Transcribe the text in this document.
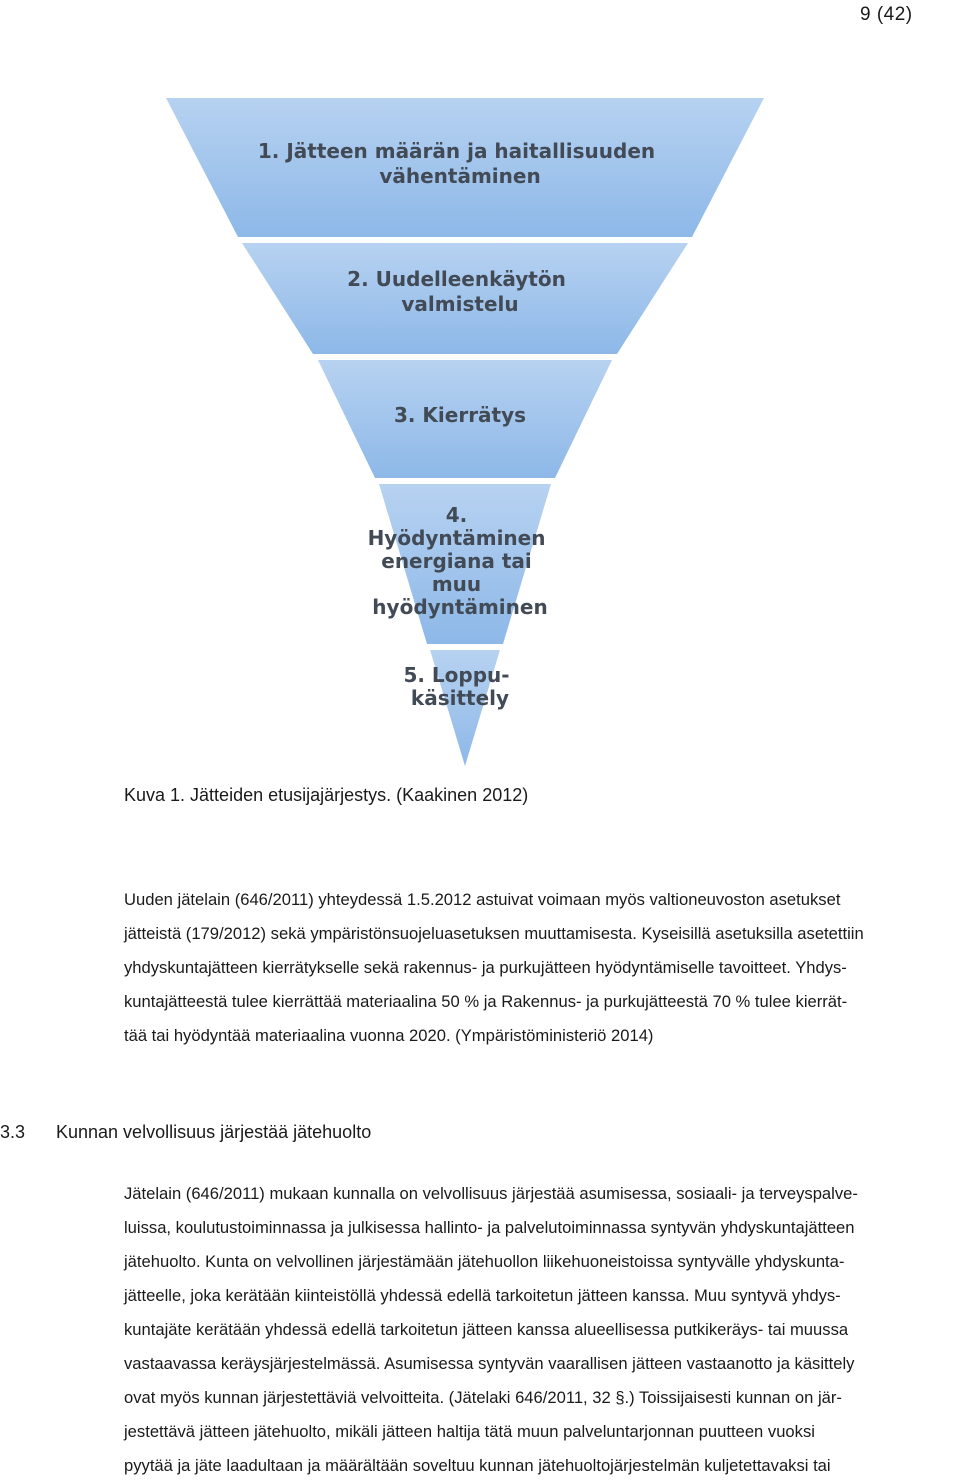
9 (42)
1. Jätteen määrän ja haitallisuuden vähentäminen
2. Uudelleenkäytön valmistelu
3. Kierrätys
4. Hyödyntäminen energiana tai muu hyödyntäminen
5. Loppu- käsittely
Kuva 1. Jätteiden etusijajärjestys. (Kaakinen 2012)
Uuden jätelain (646/2011) yhteydessä 1.5.2012 astuivat voimaan myös valtioneuvoston asetukset
jätteistä (179/2012) sekä ympäristönsuojeluasetuksen muuttamisesta. Kyseisillä asetuksilla asetettiin
yhdyskuntajätteen kierrätykselle sekä rakennus- ja purkujätteen hyödyntämiselle tavoitteet. Yhdys-
kuntajätteestä tulee kierrättää materiaalina 50 % ja Rakennus- ja purkujätteestä 70 % tulee kierrät-
tää tai hyödyntää materiaalina vuonna 2020. (Ympäristöministeriö 2014)
3.3 Kunnan velvollisuus järjestää jätehuolto
Jätelain (646/2011) mukaan kunnalla on velvollisuus järjestää asumisessa, sosiaali- ja terveyspalve-
luissa, koulutustoiminnassa ja julkisessa hallinto- ja palvelutoiminnassa syntyvän yhdyskuntajätteen
jätehuolto. Kunta on velvollinen järjestämään jätehuollon liikehuoneistoissa syntyvälle yhdyskunta-
jätteelle, joka kerätään kiinteistöllä yhdessä edellä tarkoitetun jätteen kanssa. Muu syntyvä yhdys-
kuntajäte kerätään yhdessä edellä tarkoitetun jätteen kanssa alueellisessa putkikeräys- tai muussa
vastaavassa keräysjärjestelmässä. Asumisessa syntyvän vaarallisen jätteen vastaanotto ja käsittely
ovat myös kunnan järjestettäviä velvoitteita. (Jätelaki 646/2011, 32 §.) Toissijaisesti kunnan on jär-
jestettävä jätteen jätehuolto, mikäli jätteen haltija tätä muun palveluntarjonnan puutteen vuoksi
pyytää ja jäte laadultaan ja määrältään soveltuu kunnan jätehuoltojärjestelmän kuljetettavaksi tai
